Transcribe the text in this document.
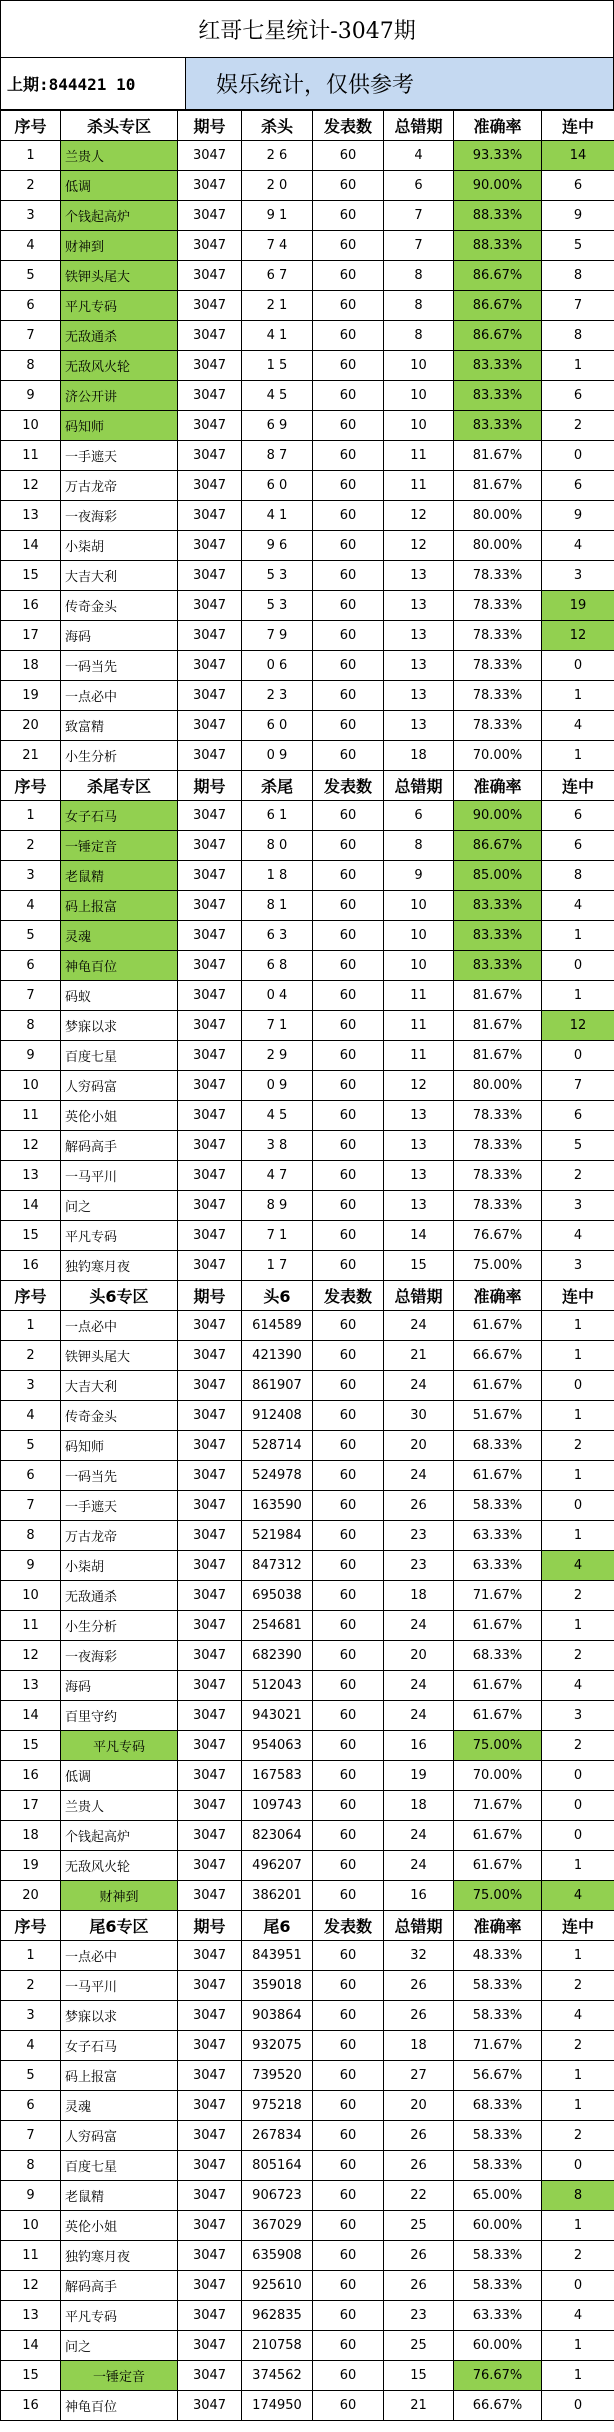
红哥七星统计-3047期
上期:844421 10	娱乐统计，仅供参考
序号	杀头专区	期号	杀头	发表数	总错期	准确率	连中
1	兰贵人	3047	2 6	60	4	93.33%	14
2	低调	3047	2 0	60	6	90.00%	6
3	个钱起高炉	3047	9 1	60	7	88.33%	9
4	财神到	3047	7 4	60	7	88.33%	5
5	铁钾头尾大	3047	6 7	60	8	86.67%	8
6	平凡专码	3047	2 1	60	8	86.67%	7
7	无敌通杀	3047	4 1	60	8	86.67%	8
8	无敌风火轮	3047	1 5	60	10	83.33%	1
9	济公开讲	3047	4 5	60	10	83.33%	6
10	码知师	3047	6 9	60	10	83.33%	2
11	一手遮天	3047	8 7	60	11	81.67%	0
12	万古龙帝	3047	6 0	60	11	81.67%	6
13	一夜海彩	3047	4 1	60	12	80.00%	9
14	小柒胡	3047	9 6	60	12	80.00%	4
15	大吉大利	3047	5 3	60	13	78.33%	3
16	传奇金头	3047	5 3	60	13	78.33%	19
17	海码	3047	7 9	60	13	78.33%	12
18	一码当先	3047	0 6	60	13	78.33%	0
19	一点必中	3047	2 3	60	13	78.33%	1
20	致富精	3047	6 0	60	13	78.33%	4
21	小生分析	3047	0 9	60	18	70.00%	1
序号	杀尾专区	期号	杀尾	发表数	总错期	准确率	连中
1	女子石马	3047	6 1	60	6	90.00%	6
2	一锤定音	3047	8 0	60	8	86.67%	6
3	老鼠精	3047	1 8	60	9	85.00%	8
4	码上报富	3047	8 1	60	10	83.33%	4
5	灵魂	3047	6 3	60	10	83.33%	1
6	神龟百位	3047	6 8	60	10	83.33%	0
7	码蚁	3047	0 4	60	11	81.67%	1
8	梦寐以求	3047	7 1	60	11	81.67%	12
9	百度七星	3047	2 9	60	11	81.67%	0
10	人穷码富	3047	0 9	60	12	80.00%	7
11	英伦小姐	3047	4 5	60	13	78.33%	6
12	解码高手	3047	3 8	60	13	78.33%	5
13	一马平川	3047	4 7	60	13	78.33%	2
14	问之	3047	8 9	60	13	78.33%	3
15	平凡专码	3047	7 1	60	14	76.67%	4
16	独钓寒月夜	3047	1 7	60	15	75.00%	3
序号	头6专区	期号	头6	发表数	总错期	准确率	连中
1	一点必中	3047	614589	60	24	61.67%	1
2	铁钾头尾大	3047	421390	60	21	66.67%	1
3	大吉大利	3047	861907	60	24	61.67%	0
4	传奇金头	3047	912408	60	30	51.67%	1
5	码知师	3047	528714	60	20	68.33%	2
6	一码当先	3047	524978	60	24	61.67%	1
7	一手遮天	3047	163590	60	26	58.33%	0
8	万古龙帝	3047	521984	60	23	63.33%	1
9	小柒胡	3047	847312	60	23	63.33%	4
10	无敌通杀	3047	695038	60	18	71.67%	2
11	小生分析	3047	254681	60	24	61.67%	1
12	一夜海彩	3047	682390	60	20	68.33%	2
13	海码	3047	512043	60	24	61.67%	4
14	百里守约	3047	943021	60	24	61.67%	3
15	平凡专码	3047	954063	60	16	75.00%	2
16	低调	3047	167583	60	19	70.00%	0
17	兰贵人	3047	109743	60	18	71.67%	0
18	个钱起高炉	3047	823064	60	24	61.67%	0
19	无敌风火轮	3047	496207	60	24	61.67%	1
20	财神到	3047	386201	60	16	75.00%	4
序号	尾6专区	期号	尾6	发表数	总错期	准确率	连中
1	一点必中	3047	843951	60	32	48.33%	1
2	一马平川	3047	359018	60	26	58.33%	2
3	梦寐以求	3047	903864	60	26	58.33%	4
4	女子石马	3047	932075	60	18	71.67%	2
5	码上报富	3047	739520	60	27	56.67%	1
6	灵魂	3047	975218	60	20	68.33%	1
7	人穷码富	3047	267834	60	26	58.33%	2
8	百度七星	3047	805164	60	26	58.33%	0
9	老鼠精	3047	906723	60	22	65.00%	8
10	英伦小姐	3047	367029	60	25	60.00%	1
11	独钓寒月夜	3047	635908	60	26	58.33%	2
12	解码高手	3047	925610	60	26	58.33%	0
13	平凡专码	3047	962835	60	23	63.33%	4
14	问之	3047	210758	60	25	60.00%	1
15	一锤定音	3047	374562	60	15	76.67%	1
16	神龟百位	3047	174950	60	21	66.67%	0
